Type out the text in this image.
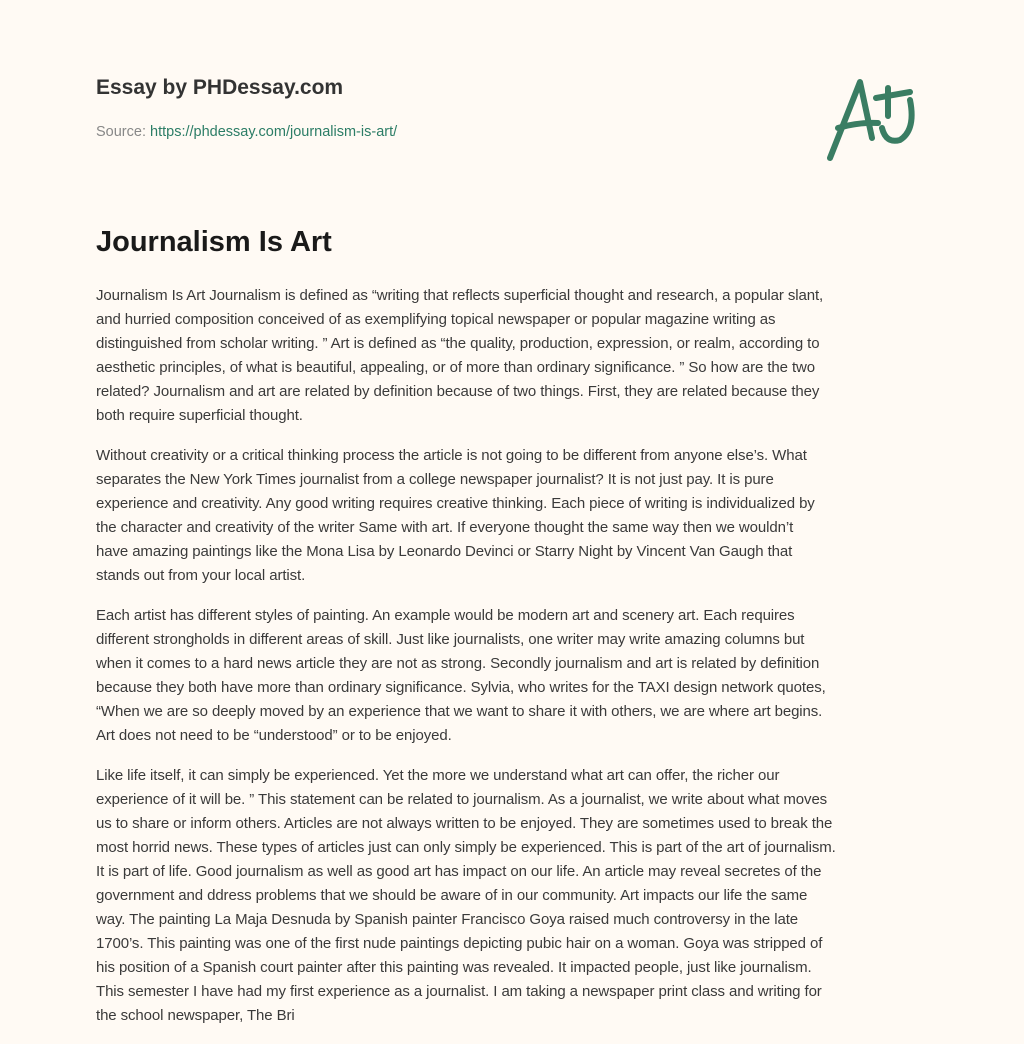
Essay by PHDessay.com
Source: https://phdessay.com/journalism-is-art/
Journalism Is Art

Journalism Is Art Journalism is defined as “writing that reflects superficial thought and research, a popular slant,
and hurried composition conceived of as exemplifying topical newspaper or popular magazine writing as
distinguished from scholar writing. ” Art is defined as “the quality, production, expression, or realm, according to
aesthetic principles, of what is beautiful, appealing, or of more than ordinary significance. ” So how are the two
related? Journalism and art are related by definition because of two things. First, they are related because they
both require superficial thought.

Without creativity or a critical thinking process the article is not going to be different from anyone else’s. What
separates the New York Times journalist from a college newspaper journalist? It is not just pay. It is pure
experience and creativity. Any good writing requires creative thinking. Each piece of writing is individualized by
the character and creativity of the writer Same with art. If everyone thought the same way then we wouldn’t
have amazing paintings like the Mona Lisa by Leonardo Devinci or Starry Night by Vincent Van Gaugh that
stands out from your local artist.

Each artist has different styles of painting. An example would be modern art and scenery art. Each requires
different strongholds in different areas of skill. Just like journalists, one writer may write amazing columns but
when it comes to a hard news article they are not as strong. Secondly journalism and art is related by definition
because they both have more than ordinary significance. Sylvia, who writes for the TAXI design network quotes,
“When we are so deeply moved by an experience that we want to share it with others, we are where art begins.
Art does not need to be “understood” or to be enjoyed.

Like life itself, it can simply be experienced. Yet the more we understand what art can offer, the richer our
experience of it will be. ” This statement can be related to journalism. As a journalist, we write about what moves
us to share or inform others. Articles are not always written to be enjoyed. They are sometimes used to break the
most horrid news. These types of articles just can only simply be experienced. This is part of the art of journalism.
It is part of life. Good journalism as well as good art has impact on our life. An article may reveal secretes of the
government and ddress problems that we should be aware of in our community. Art impacts our life the same
way. The painting La Maja Desnuda by Spanish painter Francisco Goya raised much controversy in the late
1700’s. This painting was one of the first nude paintings depicting pubic hair on a woman. Goya was stripped of
his position of a Spanish court painter after this painting was revealed. It impacted people, just like journalism.
This semester I have had my first experience as a journalist. I am taking a newspaper print class and writing for
the school newspaper, The Bri
